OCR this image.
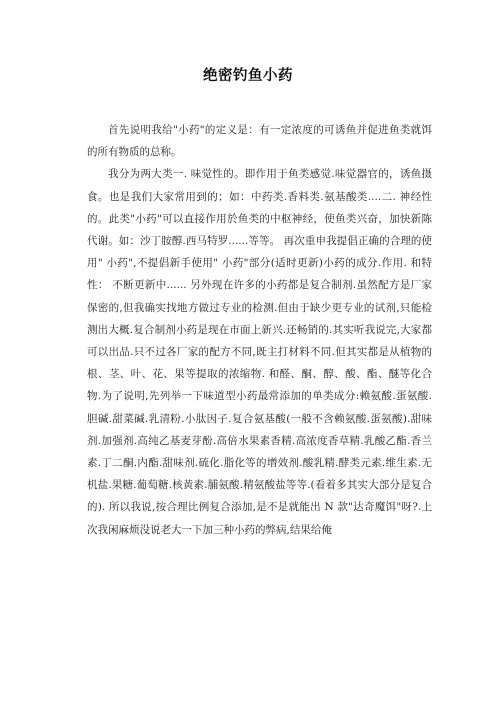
绝密钓鱼小药

首先说明我给"小药"的定义是：有一定浓度的可诱鱼并促进鱼类就饵的所有物质的总称。

我分为两大类一. 味觉性的。即作用于鱼类感觉.味觉器官的，诱鱼摄食。也是我们大家常用到的；如：中药类.香料类.氨基酸类....二. 神经性的。此类"小药"可以直接作用於鱼类的中枢神经，使鱼类兴奋，加快新陈代谢。如：沙丁胺醇.西马特罗......等等。 再次重申我提倡正确的合理的使用" 小药",不提倡新手使用" 小药"部分(适时更新)小药的成分.作用. 和特性： 不断更新中...... 另外现在许多的小药都是复合制剂.虽然配方是厂家保密的,但我确实找地方做过专业的检测.但由于缺少更专业的试剂,只能检测出大概.复合制剂小药是现在市面上新兴.还畅销的.其实听我说完,大家都可以出品.只不过各厂家的配方不同,既主打材料不同.但其实都是从植物的根、茎、叶、花、果等提取的浓缩物. 和醛、酮、醇、酸、酯、醚等化合物.为了说明,先列举一下味道型小药最常添加的单类成分:赖氨酸.蛋氨酸. 胆碱.甜菜碱.乳清粉.小肽因子.复合氨基酸(一般不含赖氨酸.蛋氨酸).甜味剂.加强剂.高纯乙基麦芽酚.高倍水果素香精.高浓度香草精.乳酸乙酯.香兰素.丁二酮.内酯.甜味剂.硫化.脂化等的增效剂.酸乳精.酵类元素.维生素.无机盐.果糖.葡萄糖.核黄素.脯氨酸.精氨酸盐等等.(看着多其实大部分是复合的). 所以我说,按合理比例复合添加,是不是就能出 N 款"达奇魔饵"呀?.上次我闲麻烦没说老大一下加三种小药的弊病,结果给俺
